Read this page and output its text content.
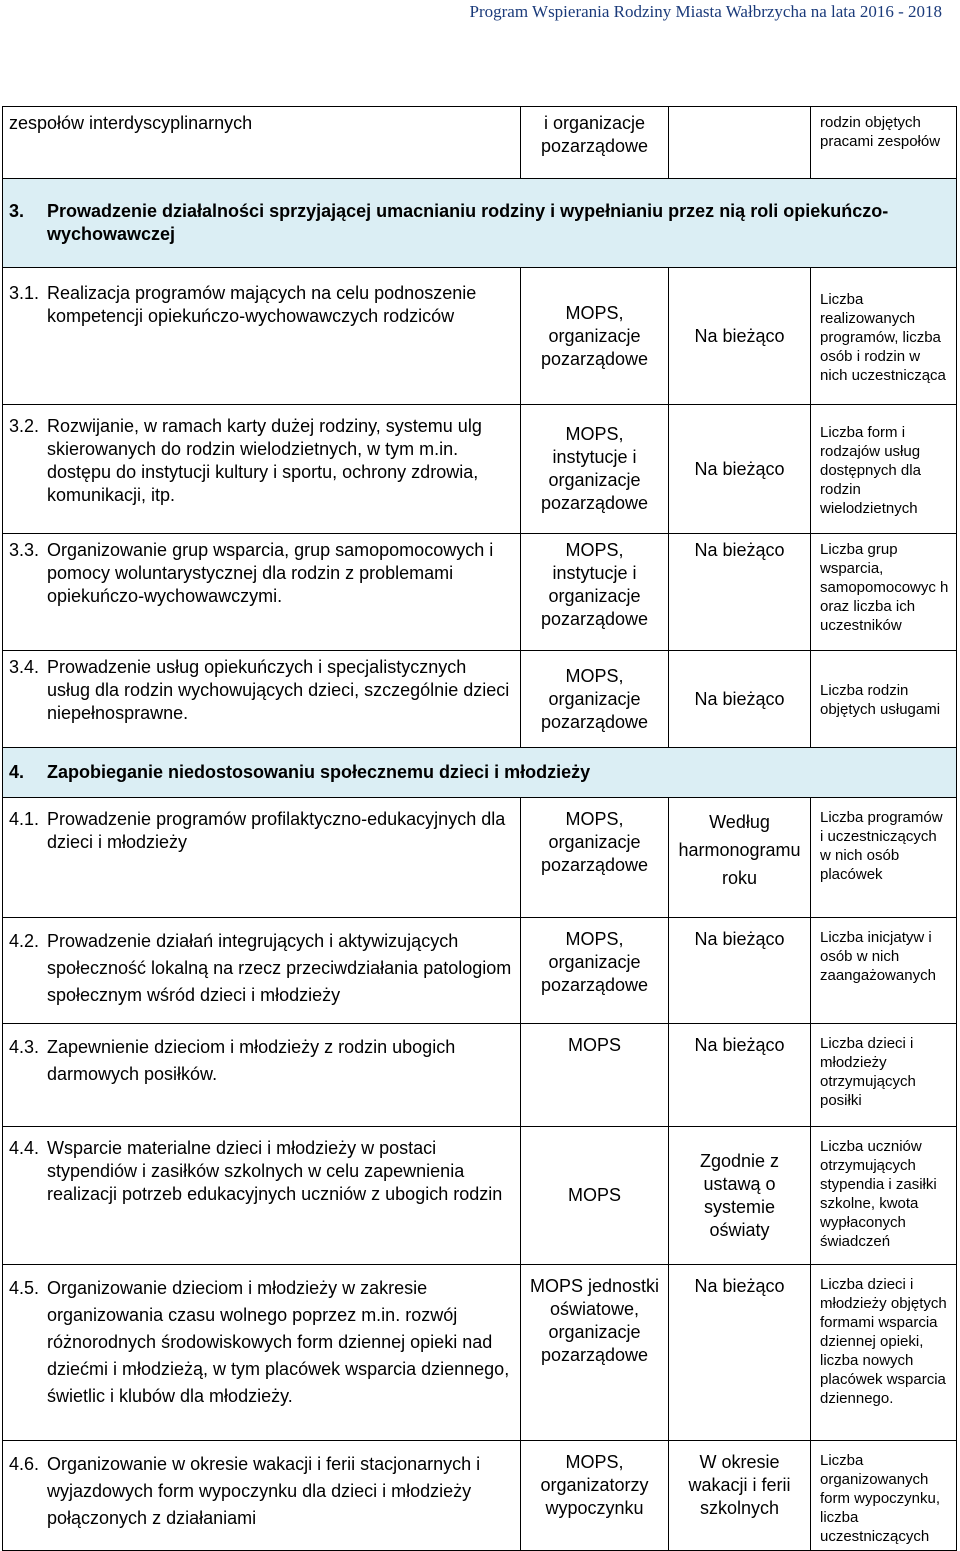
Program Wspierania Rodziny Miasta Wałbrzycha na lata 2016 - 2018
zespołów interdyscyplinarnych	i organizacje pozarządowe		rodzin objętych pracami zespołów

3. Prowadzenie działalności sprzyjającej umacnianiu rodziny i wypełnianiu przez nią roli opiekuńczo-wychowawczej			

3.1. Realizacja programów mających na celu podnoszenie kompetencji opiekuńczo-wychowawczych rodziców	MOPS, organizacje pozarządowe	Na bieżąco	Liczba realizowanych programów, liczba osób i rodzin w nich uczestnicząca

3.2. Rozwijanie, w ramach karty dużej rodziny, systemu ulg skierowanych do rodzin wielodzietnych, w tym m.in. dostępu do instytucji kultury i sportu, ochrony zdrowia, komunikacji, itp.	MOPS, instytucje i organizacje pozarządowe	Na bieżąco	Liczba form i rodzajów usług dostępnych dla rodzin wielodzietnych

3.3. Organizowanie grup wsparcia, grup samopomocowych i pomocy woluntarystycznej dla rodzin z problemami opiekuńczo-wychowawczymi.	MOPS, instytucje i organizacje pozarządowe	Na bieżąco	Liczba grup wsparcia, samopomocowyc h oraz liczba ich uczestników

3.4. Prowadzenie usług opiekuńczych i specjalistycznych usług dla rodzin wychowujących dzieci, szczególnie dzieci niepełnosprawne.	MOPS, organizacje pozarządowe	Na bieżąco	Liczba rodzin objętych usługami

4. Zapobieganie niedostosowaniu społecznemu dzieci i młodzieży			

4.1. Prowadzenie programów profilaktyczno-edukacyjnych dla dzieci i młodzieży	MOPS, organizacje pozarządowe	Według harmonogramu roku	Liczba programów i uczestniczących w nich osób placówek

4.2. Prowadzenie działań integrujących i aktywizujących społeczność lokalną na rzecz przeciwdziałania patologiom społecznym wśród dzieci i młodzieży	MOPS, organizacje pozarządowe	Na bieżąco	Liczba inicjatyw i osób w nich zaangażowanych

4.3. Zapewnienie dzieciom i młodzieży z rodzin ubogich darmowych posiłków.	MOPS	Na bieżąco	Liczba dzieci i młodzieży otrzymujących posiłki

4.4. Wsparcie materialne dzieci i młodzieży w postaci stypendiów i zasiłków szkolnych w celu zapewnienia realizacji potrzeb edukacyjnych uczniów z ubogich rodzin	MOPS	Zgodnie z ustawą o systemie oświaty	Liczba uczniów otrzymujących stypendia i zasiłki szkolne, kwota wypłaconych świadczeń

4.5. Organizowanie dzieciom i młodzieży w zakresie organizowania czasu wolnego poprzez m.in. rozwój różnorodnych środowiskowych form dziennej opieki nad dziećmi i młodzieżą, w tym placówek wsparcia dziennego, świetlic i klubów dla młodzieży.	MOPS jednostki oświatowe, organizacje pozarządowe	Na bieżąco	Liczba dzieci i młodzieży objętych formami wsparcia dziennej opieki, liczba nowych placówek wsparcia dziennego.

4.6. Organizowanie w okresie wakacji i ferii stacjonarnych i wyjazdowych form wypoczynku dla dzieci i młodzieży połączonych z działaniami	MOPS, organizatorzy wypoczynku	W okresie wakacji i ferii szkolnych	Liczba organizowanych form wypoczynku, liczba uczestniczących
